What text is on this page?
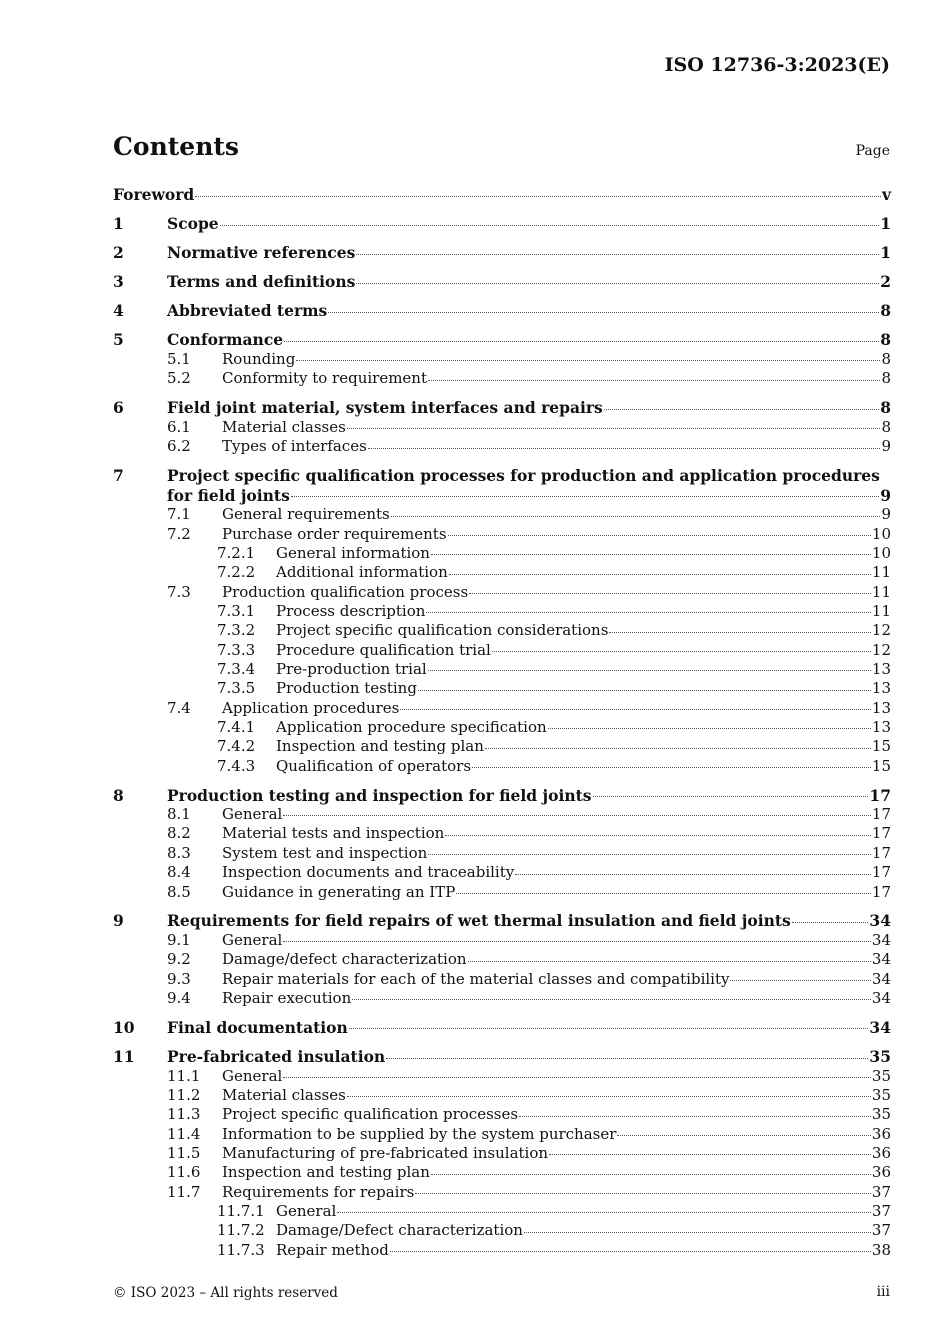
ISO 12736-3:2023(E)
Contents	Page
Foreword	v
1	Scope	1
2	Normative references	1
3	Terms and definitions	2
4	Abbreviated terms	8
5	Conformance	8
5.1	Rounding	8
5.2	Conformity to requirement	8
6	Field joint material, system interfaces and repairs	8
6.1	Material classes	8
6.2	Types of interfaces	9
7	Project specific qualification processes for production and application procedures
for field joints	9
7.1	General requirements	9
7.2	Purchase order requirements	10
7.2.1	General information	10
7.2.2	Additional information	11
7.3	Production qualification process	11
7.3.1	Process description	11
7.3.2	Project specific qualification considerations	12
7.3.3	Procedure qualification trial	12
7.3.4	Pre-production trial	13
7.3.5	Production testing	13
7.4	Application procedures	13
7.4.1	Application procedure specification	13
7.4.2	Inspection and testing plan	15
7.4.3	Qualification of operators	15
8	Production testing and inspection for field joints	17
8.1	General	17
8.2	Material tests and inspection	17
8.3	System test and inspection	17
8.4	Inspection documents and traceability	17
8.5	Guidance in generating an ITP	17
9	Requirements for field repairs of wet thermal insulation and field joints	34
9.1	General	34
9.2	Damage/defect characterization	34
9.3	Repair materials for each of the material classes and compatibility	34
9.4	Repair execution	34
10	Final documentation	34
11	Pre-fabricated insulation	35
11.1	General	35
11.2	Material classes	35
11.3	Project specific qualification processes	35
11.4	Information to be supplied by the system purchaser	36
11.5	Manufacturing of pre-fabricated insulation	36
11.6	Inspection and testing plan	36
11.7	Requirements for repairs	37
11.7.1 General	37
11.7.2 Damage/Defect characterization	37
11.7.3 Repair method	38
© ISO 2023 – All rights reserved	iii
